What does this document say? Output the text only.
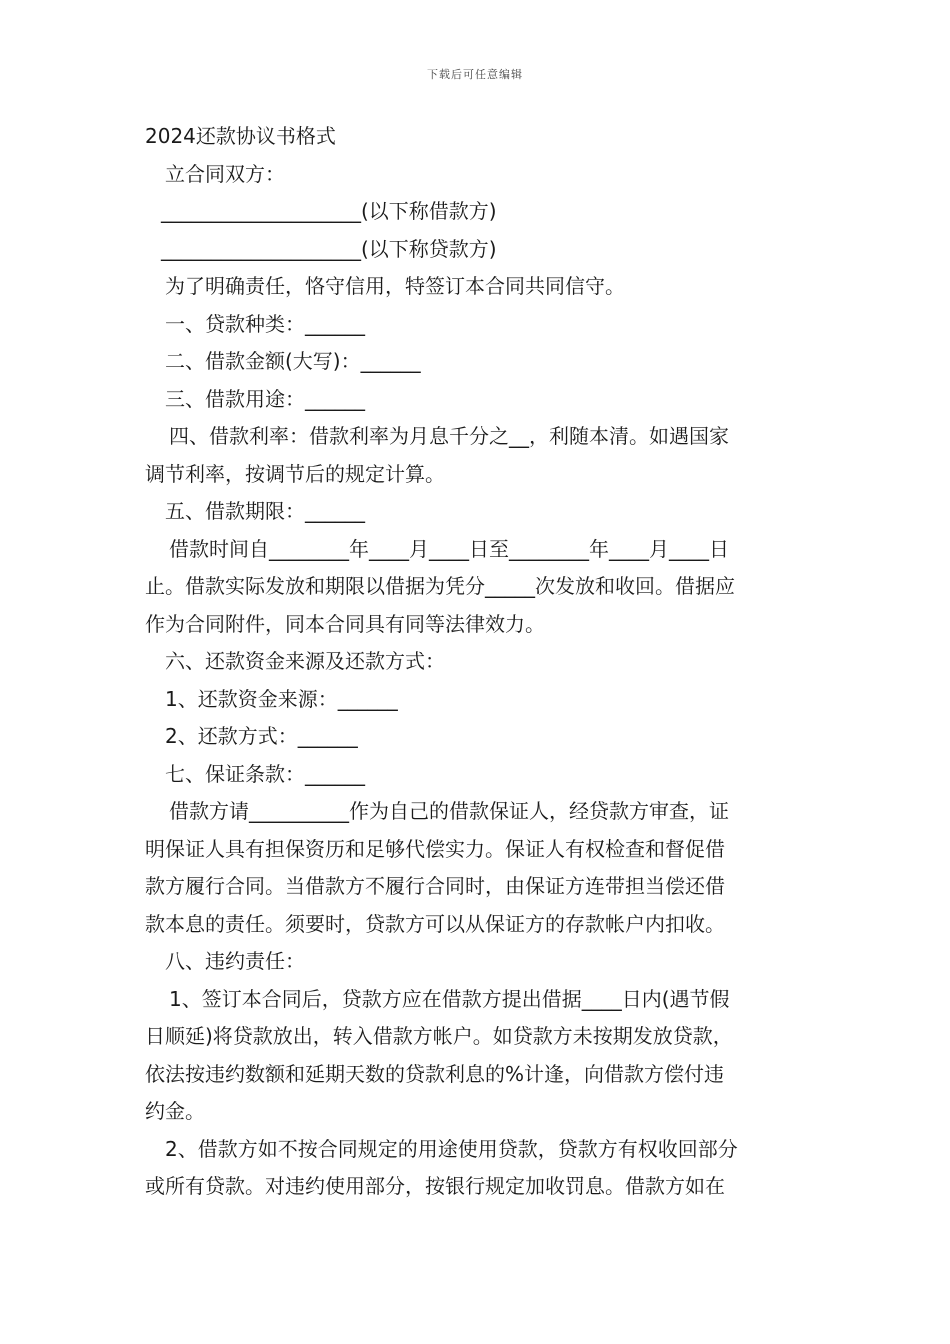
下载后可任意编辑
2024还款协议书格式
立合同双方：
____________________(以下称借款方)
____________________(以下称贷款方)
为了明确责任，恪守信用，特签订本合同共同信守。
一、贷款种类：______
二、借款金额(大写)：______
三、借款用途：______
四、借款利率：借款利率为月息千分之__，利随本清。如遇国家
调节利率，按调节后的规定计算。
五、借款期限：______
借款时间自________年____月____日至________年____月____日
止。借款实际发放和期限以借据为凭分_____次发放和收回。借据应
作为合同附件，同本合同具有同等法律效力。
六、还款资金来源及还款方式：
1、还款资金来源：______
2、还款方式：______
七、保证条款：______
借款方请__________作为自己的借款保证人，经贷款方审查，证
明保证人具有担保资历和足够代偿实力。保证人有权检查和督促借
款方履行合同。当借款方不履行合同时，由保证方连带担当偿还借
款本息的责任。须要时，贷款方可以从保证方的存款帐户内扣收。
八、违约责任：
1、签订本合同后，贷款方应在借款方提出借据____日内(遇节假
日顺延)将贷款放出，转入借款方帐户。如贷款方未按期发放贷款，
依法按违约数额和延期天数的贷款利息的%计逢，向借款方偿付违
约金。
2、借款方如不按合同规定的用途使用贷款，贷款方有权收回部分
或所有贷款。对违约使用部分，按银行规定加收罚息。借款方如在
